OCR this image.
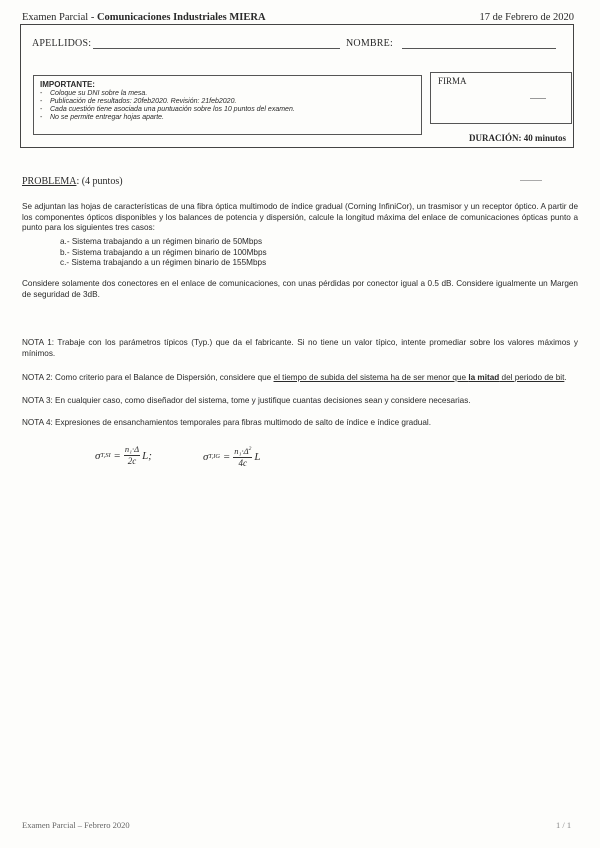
Examen Parcial - Comunicaciones Industriales MIERA	17 de Febrero de 2020
APELLIDOS:	NOMBRE:
IMPORTANTE:
- Coloque su DNI sobre la mesa.
- Publicación de resultados: 20feb2020. Revisión: 21feb2020.
- Cada cuestión tiene asociada una puntuación sobre los 10 puntos del examen.
- No se permite entregar hojas aparte.
FIRMA
DURACIÓN: 40 minutos
PROBLEMA: (4 puntos)
Se adjuntan las hojas de características de una fibra óptica multimodo de índice gradual (Corning InfiniCor), un trasmisor y un receptor óptico. A partir de los componentes ópticos disponibles y los balances de potencia y dispersión, calcule la longitud máxima del enlace de comunicaciones ópticas punto a punto para los siguientes tres casos:
a.- Sistema trabajando a un régimen binario de 50Mbps
b.- Sistema trabajando a un régimen binario de 100Mbps
c.- Sistema trabajando a un régimen binario de 155Mbps
Considere solamente dos conectores en el enlace de comunicaciones, con unas pérdidas por conector igual a 0.5 dB. Considere igualmente un Margen de seguridad de 3dB.
NOTA 1: Trabaje con los parámetros típicos (Typ.) que da el fabricante. Si no tiene un valor típico, intente promediar sobre los valores máximos y mínimos.
NOTA 2: Como criterio para el Balance de Dispersión, considere que el tiempo de subida del sistema ha de ser menor que la mitad del periodo de bit.
NOTA 3: En cualquier caso, como diseñador del sistema, tome y justifique cuantas decisiones sean y considere necesarias.
NOTA 4: Expresiones de ensanchamientos temporales para fibras multimodo de salto de índice e índice gradual.
σ $T,SI = \frac{\text{n₁·Δ}}{2c} L$;	σ $T,IG = \frac{n_1\cdot\Delta^2}{4c}$ L
Examen Parcial – Febrero 2020	1 / 1
